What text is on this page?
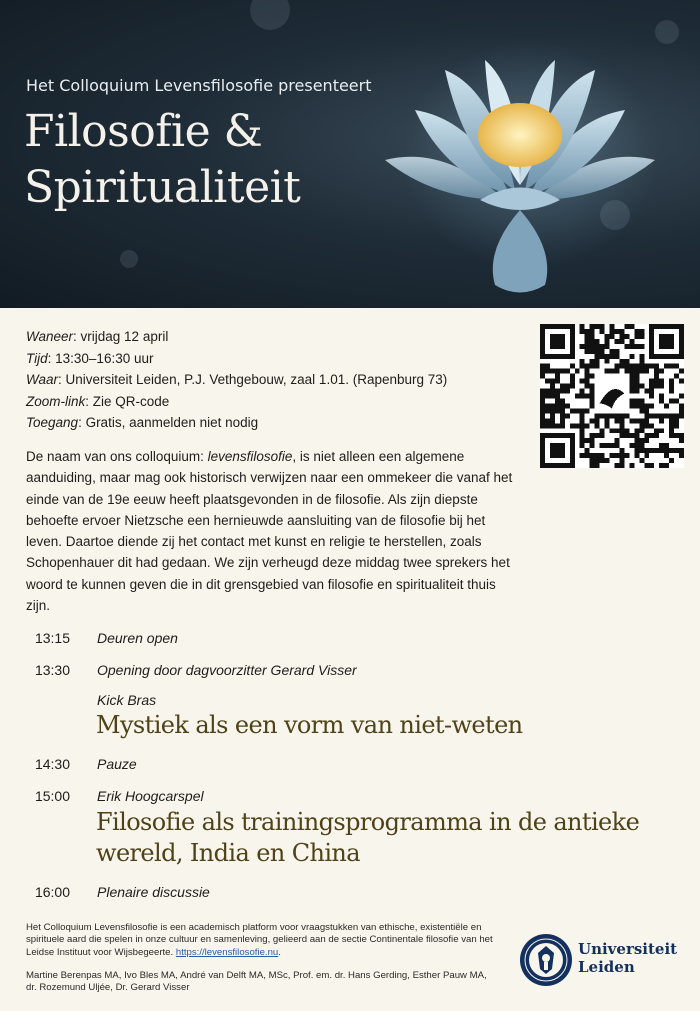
Het Colloquium Levensfilosofie presenteert
Filosofie &
Spiritualiteit
Waneer: vrijdag 12 april
Tijd: 13:30–16:30 uur
Waar: Universiteit Leiden, P.J. Vethgebouw, zaal 1.01. (Rapenburg 73)
Zoom-link: Zie QR-code
Toegang: Gratis, aanmelden niet nodig
De naam van ons colloquium: levensfilosofie, is niet alleen een algemene aanduiding, maar mag ook historisch verwijzen naar een ommekeer die vanaf het einde van de 19e eeuw heeft plaatsgevonden in de filosofie. Als zijn diepste behoefte ervoer Nietzsche een hernieuwde aansluiting van de filosofie bij het leven. Daartoe diende zij het contact met kunst en religie te herstellen, zoals Schopenhauer dit had gedaan. We zijn verheugd deze middag twee sprekers het woord te kunnen geven die in dit grensgebied van filosofie en spiritualiteit thuis zijn.
13:15 Deuren open
13:30 Opening door dagvoorzitter Gerard Visser
Kick Bras
Mystiek als een vorm van niet-weten
14:30 Pauze
15:00 Erik Hoogcarspel
Filosofie als trainingsprogramma in de antieke
wereld, India en China
16:00 Plenaire discussie
Het Colloquium Levensfilosofie is een academisch platform voor vraagstukken van ethische, existentiële en spirituele aard die spelen in onze cultuur en samenleving, gelieerd aan de sectie Continentale filosofie van het Leidse Instituut voor Wijsbegeerte. https://levensfilosofie.nu.
Martine Berenpas MA, Ivo Bles MA, André van Delft MA, MSc, Prof. em. dr. Hans Gerding, Esther Pauw MA, dr. Rozemund Uljée, Dr. Gerard Visser
Universiteit
Leiden
